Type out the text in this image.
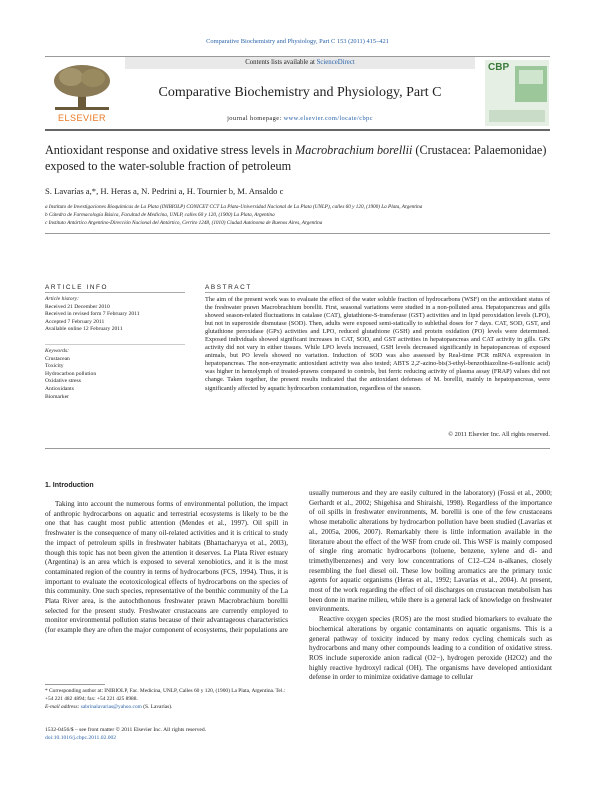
Comparative Biochemistry and Physiology, Part C 153 (2011) 415–421
ELSEVIER
Contents lists available at ScienceDirect
Comparative Biochemistry and Physiology, Part C
journal homepage: www.elsevier.com/locate/cbpc
CBP
Antioxidant response and oxidative stress levels in Macrobrachium borellii (Crustacea: Palaemonidae) exposed to the water-soluble fraction of petroleum
S. Lavarías a,*, H. Heras a, N. Pedrini a, H. Tournier b, M. Ansaldo c
a Instituto de Investigaciones Bioquímicas de La Plata (INIBIOLP) CONICET CCT La Plata-Universidad Nacional de La Plata (UNLP), calles 60 y 120, (1900) La Plata, Argentina
b Cátedra de Farmacología Básica, Facultad de Medicina, UNLP, calles 60 y 120, (1900) La Plata, Argentina
c Instituto Antártico Argentino-Dirección Nacional del Antártico, Cerrito 1248, (1010) Ciudad Autónoma de Buenos Aires, Argentina
ARTICLE INFO
Article history:
Received 21 December 2010
Received in revised form 7 February 2011
Accepted 7 February 2011
Available online 12 February 2011
Keywords:
Crustacean
Toxicity
Hydrocarbon pollution
Oxidative stress
Antioxidants
Biomarker
ABSTRACT
The aim of the present work was to evaluate the effect of the water soluble fraction of hydrocarbons (WSF) on the antioxidant status of the freshwater prawn Macrobrachium borellii. First, seasonal variations were studied in a non-polluted area. Hepatopancreas and gills showed season-related fluctuations in catalase (CAT), glutathione-S-transferase (GST) activities and in lipid peroxidation levels (LPO), but not in superoxide dismutase (SOD). Then, adults were exposed semi-statically to sublethal doses for 7 days. CAT, SOD, GST, and glutathione peroxidase (GPx) activities and LPO, reduced glutathione (GSH) and protein oxidation (PO) levels were determined. Exposed individuals showed significant increases in CAT, SOD, and GST activities in hepatopancreas and CAT activity in gills. GPx activity did not vary in either tissues. While LPO levels increased, GSH levels decreased significantly in hepatopancreas of exposed animals, but PO levels showed no variation. Induction of SOD was also assessed by Real-time PCR mRNA expression in hepatopancreas. The non-enzymatic antioxidant activity was also tested; ABTS 2,2′-azino-bis(3-ethyl-benzothiazoline-6-sulfonic acid) was higher in hemolymph of treated-prawns compared to controls, but ferric reducing activity of plasma assay (FRAP) values did not change. Taken together, the present results indicated that the antioxidant defenses of M. borellii, mainly in hepatopancreas, were significantly affected by aquatic hydrocarbon contamination, regardless of the season.
© 2011 Elsevier Inc. All rights reserved.
1. Introduction
Taking into account the numerous forms of environmental pollution, the impact of anthropic hydrocarbons on aquatic and terrestrial ecosystems is likely to be the one that has caught most public attention (Mendes et al., 1997). Oil spill in freshwater is the consequence of many oil-related activities and it is critical to study the impact of petroleum spills in freshwater habitats (Bhattacharyya et al., 2003), though this topic has not been given the attention it deserves. La Plata River estuary (Argentina) is an area which is exposed to several xenobiotics, and it is the most contaminated region of the country in terms of hydrocarbons (FCS, 1994). Thus, it is important to evaluate the ecotoxicological effects of hydrocarbons on the species of this community. One such species, representative of the benthic community of the La Plata River area, is the autochthonous freshwater prawn Macrobrachium borellii selected for the present study. Freshwater crustaceans are currently employed to monitor environmental pollution status because of their advantageous characteristics (for example they are often the major component of ecosystems, their populations are
usually numerous and they are easily cultured in the laboratory) (Fossi et al., 2000; Gerhardt et al., 2002; Shigehisa and Shiraishi, 1998). Regardless of the importance of oil spills in freshwater environments, M. borellii is one of the few crustaceans whose metabolic alterations by hydrocarbon pollution have been studied (Lavarías et al., 2005a, 2006, 2007). Remarkably there is little information available in the literature about the effect of the WSF from crude oil. This WSF is mainly composed of single ring aromatic hydrocarbons (toluene, benzene, xylene and di- and trimethylbenzenes) and very low concentrations of C12–C24 n-alkanes, closely resembling the fuel diesel oil. These low boiling aromatics are the primary toxic agents for aquatic organisms (Heras et al., 1992; Lavarías et al., 2004). At present, most of the work regarding the effect of oil discharges on crustacean metabolism has been done in marine milieu, while there is a general lack of knowledge on freshwater environments.
Reactive oxygen species (ROS) are the most studied biomarkers to evaluate the biochemical alterations by organic contaminants on aquatic organisms. This is a general pathway of toxicity induced by many redox cycling chemicals such as hydrocarbons and many other compounds leading to a condition of oxidative stress. ROS include superoxide anion radical (O2−), hydrogen peroxide (H2O2) and the highly reactive hydroxyl radical (OH). The organisms have developed antioxidant defense in order to minimize oxidative damage to cellular
* Corresponding author at: INIBIOLP, Fac. Medicina, UNLP, Calles 60 y 120, (1900) La Plata, Argentina. Tel.: +54 221 482 4894; fax: +54 221 425 8988.
E-mail address: sabrinalavarias@yahoo.com (S. Lavarías).
1532-0456/$ – see front matter © 2011 Elsevier Inc. All rights reserved.
doi:10.1016/j.cbpc.2011.02.002
